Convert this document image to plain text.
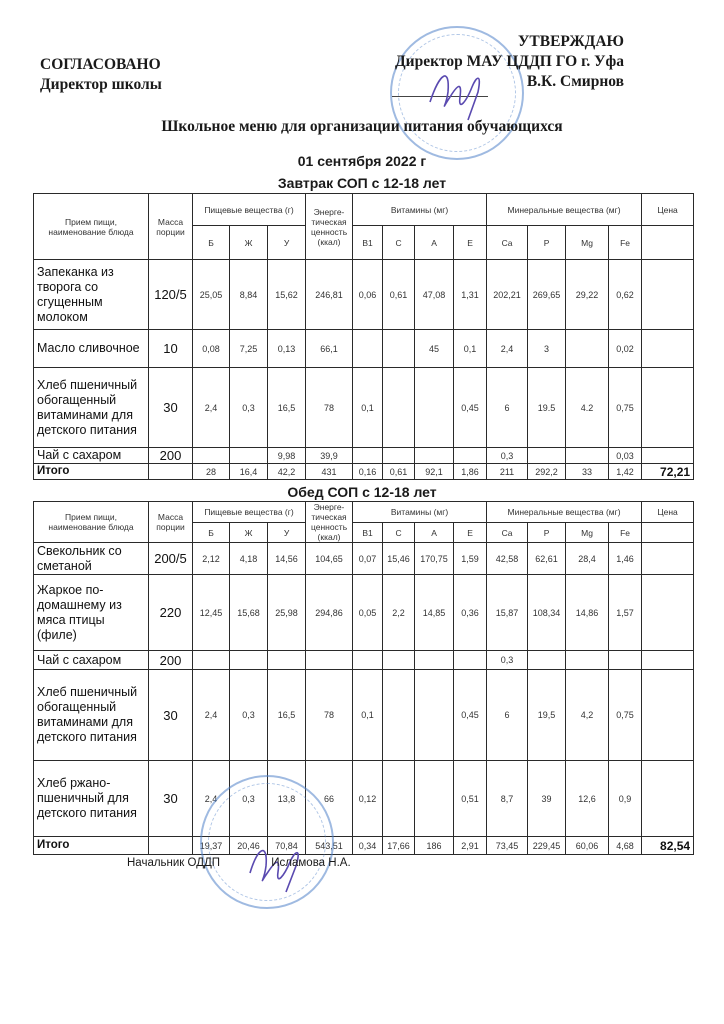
СОГЛАСОВАНО
Директор школы
УТВЕРЖДАЮ
Директор МАУ ЦДДП ГО г. Уфа
В.К. Смирнов
Школьное меню для организации питания обучающихся
01 сентября 2022 г
Завтрак СОП с 12-18 лет
Прием пищи, наименование блюда	Масса порции	Пищевые вещества (г)			Энерге-тическая ценность (ккал)	Витамины (мг)				Минеральные вещества (мг)				Цена
		Б	Ж	У		B1	C	A	E	Ca	P	Mg	Fe	
Запеканка из творога со сгущенным молоком	120/5	25,05	8,84	15,62	246,81	0,06	0,61	47,08	1,31	202,21	269,65	29,22	0,62	
Масло сливочное	10	0,08	7,25	0,13	66,1			45	0,1	2,4	3		0,02	
Хлеб пшеничный обогащенный витаминами для детского питания	30	2,4	0,3	16,5	78	0,1			0,45	6	19.5	4.2	0,75	
Чай с сахаром	200			9,98	39,9					0,3			0,03	
Итого		28	16,4	42,2	431	0,16	0,61	92,1	1,86	211	292,2	33	1,42	72,21
Обед СОП с 12-18 лет
Прием пищи, наименование блюда	Масса порции	Пищевые вещества (г)			Энерге-тическая ценность (ккал)	Витамины (мг)				Минеральные вещества (мг)				Цена
		Б	Ж	У		B1	C	A	E	Ca	P	Mg	Fe	
Свекольник со сметаной	200/5	2,12	4,18	14,56	104,65	0,07	15,46	170,75	1,59	42,58	62,61	28,4	1,46	
Жаркое по-домашнему из мяса птицы (филе)	220	12,45	15,68	25,98	294,86	0,05	2,2	14,85	0,36	15,87	108,34	14,86	1,57	
Чай с сахаром	200									0,3				
Хлеб пшеничный обогащенный витаминами для детского питания	30	2,4	0,3	16,5	78	0,1			0,45	6	19,5	4,2	0,75	
Хлеб ржано-пшеничный для детского питания	30	2,4	0,3	13,8	66	0,12			0,51	8,7	39	12,6	0,9	
Итого		19,37	20,46	70,84	543,51	0,34	17,66	186	2,91	73,45	229,45	60,06	4,68	82,54
Начальник ОДДП	Исламова Н.А.
